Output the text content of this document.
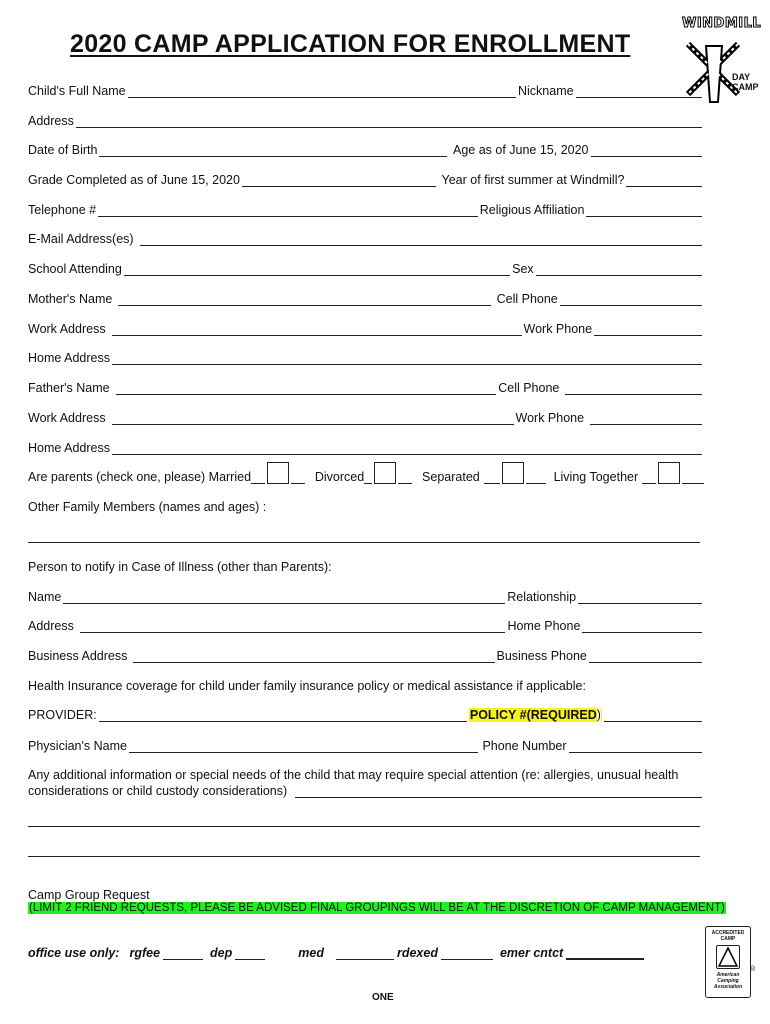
2020 CAMP APPLICATION FOR ENROLLMENT
WINDMILL
DAY
CAMP
Child's Full Name	Nickname
Address
Date of Birth	Age as of June 15, 2020
Grade Completed as of June 15, 2020	Year of first summer at Windmill?
Telephone #	Religious Affiliation
E-Mail Address(es)
School Attending	Sex
Mother's Name	Cell Phone
Work Address	Work Phone
Home Address
Father's Name	Cell Phone
Work Address	Work Phone
Home Address
Are parents (check one, please) Married	Divorced	Separated	Living Together
Other Family Members (names and ages) :
Person to notify in Case of Illness (other than Parents):
Name	Relationship
Address	Home Phone
Business Address	Business Phone
Health Insurance coverage for child under family insurance policy or medical assistance if applicable:
PROVIDER:	POLICY #(REQUIRED)
Physician's Name	Phone Number
Any additional information or special needs of the child that may require special attention (re: allergies, unusual health
considerations or child custody considerations)
Camp Group Request
(LIMIT 2 FRIEND REQUESTS, PLEASE BE ADVISED FINAL GROUPINGS WILL BE AT THE DISCRETION OF CAMP MANAGEMENT)
office use only: rgfee	dep	med	rdexed	emer cntct
ACCREDITED CAMP
American Camping Association
®
ONE
